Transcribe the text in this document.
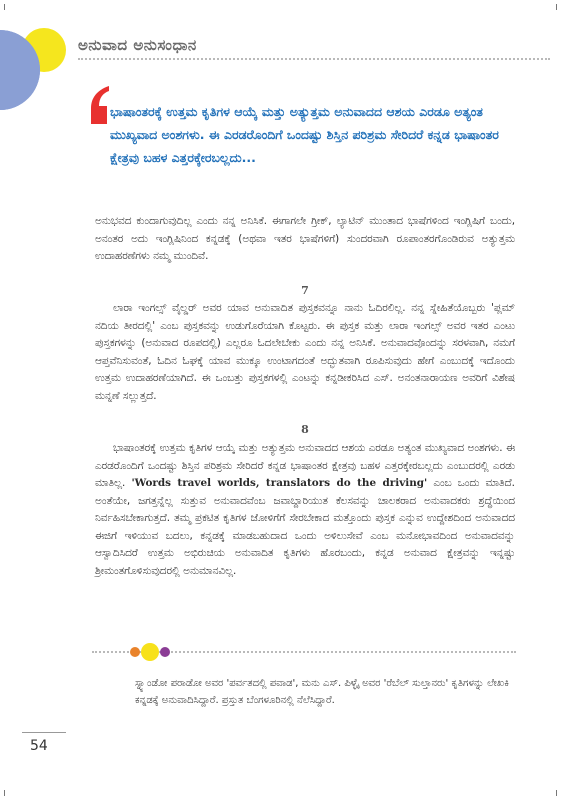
ಅನುವಾದ ಅನುಸಂಧಾನ
ಭಾಷಾಂತರಕ್ಕೆ ಉತ್ತಮ ಕೃತಿಗಳ ಆಯ್ಕೆ ಮತ್ತು ಅತ್ಯುತ್ತಮ ಅನುವಾದದ ಆಶಯ ಎರಡೂ ಅತ್ಯಂತ ಮುಖ್ಯವಾದ ಅಂಶಗಳು. ಈ ಎರಡರೊಂದಿಗೆ ಒಂದಷ್ಟು ಶಿಸ್ತಿನ ಪರಿಶ್ರಮ ಸೇರಿದರೆ ಕನ್ನಡ ಭಾಷಾಂತರ ಕ್ಷೇತ್ರವು ಬಹಳ ಎತ್ತರಕ್ಕೇರಬಲ್ಲದು...
ಅನುಭವದ ಕುಂದಾಗುವುದಿಲ್ಲ ಎಂದು ನನ್ನ ಅನಿಸಿಕೆ. ಈಗಾಗಲೇ ಗ್ರೀಕ್, ಲ್ಯಾಟಿನ್ ಮುಂತಾದ ಭಾಷೆಗಳಿಂದ ಇಂಗ್ಲಿಷಿಗೆ ಬಂದು, ಅನಂತರ ಅದು ಇಂಗ್ಲಿಷಿನಿಂದ ಕನ್ನಡಕ್ಕೆ (ಅಥವಾ ಇತರ ಭಾಷೆಗಳಿಗೆ) ಸುಂದರವಾಗಿ ರೂಪಾಂತರಗೊಂಡಿರುವ ಅತ್ಯುತ್ತಮ ಉದಾಹರಣೆಗಳು ನಮ್ಮ ಮುಂದಿವೆ.
7
ಲಾರಾ ಇಂಗಲ್ಸ್ ವೈಲ್ಡರ್ ಅವರ ಯಾವ ಅನುವಾದಿತ ಪುಸ್ತಕವನ್ನೂ ನಾನು ಓದಿರಲಿಲ್ಲ. ನನ್ನ ಸ್ನೇಹಿತೆಯೊಬ್ಬರು 'ಪ್ಲಮ್ ನದಿಯ ತೀರದಲ್ಲಿ' ಎಂಬ ಪುಸ್ತಕವನ್ನು ಉಡುಗೊರೆಯಾಗಿ ಕೊಟ್ಟರು. ಈ ಪುಸ್ತಕ ಮತ್ತು ಲಾರಾ ಇಂಗಲ್ಸ್ ಅವರ ಇತರ ಎಂಟು ಪುಸ್ತಕಗಳನ್ನು (ಅನುವಾದ ರೂಪದಲ್ಲಿ) ಎಲ್ಲರೂ ಓದಲೇಬೇಕು ಎಂದು ನನ್ನ ಅನಿಸಿಕೆ. ಅನುವಾದವೊಂದನ್ನು ಸರಳವಾಗಿ, ನಮಗೆ ಆಪ್ತವೆನಿಸುವಂತೆ, ಓದಿನ ಓಘಕ್ಕೆ ಯಾವ ಮುಕ್ಕೂ ಉಂಟಾಗದಂತೆ ಅದ್ಭುತವಾಗಿ ರೂಪಿಸುವುದು ಹೇಗೆ ಎಂಬುದಕ್ಕೆ ಇದೊಂದು ಉತ್ತಮ ಉದಾಹರಣೆಯಾಗಿದೆ. ಈ ಒಂಬತ್ತು ಪುಸ್ತಕಗಳಲ್ಲಿ ಎಂಟನ್ನು ಕನ್ನಡೀಕರಿಸಿದ ಎಸ್. ಅನಂತನಾರಾಯಣ ಅವರಿಗೆ ವಿಶೇಷ ಮನ್ನಣೆ ಸಲ್ಲುತ್ತದೆ.
8
ಭಾಷಾಂತರಕ್ಕೆ ಉತ್ತಮ ಕೃತಿಗಳ ಆಯ್ಕೆ ಮತ್ತು ಅತ್ಯುತ್ತಮ ಅನುವಾದದ ಆಶಯ ಎರಡೂ ಅತ್ಯಂತ ಮುಖ್ಯವಾದ ಅಂಶಗಳು. ಈ ಎರಡರೊಂದಿಗೆ ಒಂದಷ್ಟು ಶಿಸ್ತಿನ ಪರಿಶ್ರಮ ಸೇರಿದರೆ ಕನ್ನಡ ಭಾಷಾಂತರ ಕ್ಷೇತ್ರವು ಬಹಳ ಎತ್ತರಕ್ಕೇರಬಲ್ಲದು ಎಂಬುದರಲ್ಲಿ ಎರಡು ಮಾತಿಲ್ಲ. 'Words travel worlds, translators do the driving' ಎಂಬ ಒಂದು ಮಾತಿದೆ. ಅಂತೆಯೇ, ಜಗತ್ತನ್ನೆಲ್ಲ ಸುತ್ತುವ ಅನುವಾದವೆಂಬ ಜವಾಬ್ದಾರಿಯುತ ಕೆಲಸವನ್ನು ಚಾಲಕರಾದ ಅನುವಾದಕರು ಶ್ರದ್ಧೆಯಿಂದ ನಿರ್ವಹಿಸಬೇಕಾಗುತ್ತದೆ. ತಮ್ಮ ಪ್ರಕಟಿತ ಕೃತಿಗಳ ಜೋಳಿಗೆಗೆ ಸೇರಬೇಕಾದ ಮತ್ತೊಂದು ಪುಸ್ತಕ ಎನ್ನುವ ಉದ್ದೇಶದಿಂದ ಅನುವಾದದ ಈಜಿಗೆ ಇಳಿಯುವ ಬದಲು, ಕನ್ನಡಕ್ಕೆ ಮಾಡಬಹುದಾದ ಒಂದು ಅಳಿಲುಸೇವೆ ಎಂಬ ಮನೋಭಾವದಿಂದ ಅನುವಾದವನ್ನು ಆಸ್ವಾದಿಸಿದರೆ ಉತ್ತಮ ಅಭಿರುಚಿಯ ಅನುವಾದಿತ ಕೃತಿಗಳು ಹೊರಬಂದು, ಕನ್ನಡ ಅನುವಾದ ಕ್ಷೇತ್ರವನ್ನು ಇನ್ನಷ್ಟು ಶ್ರೀಮಂತಗೊಳಿಸುವುದರಲ್ಲಿ ಅನುಮಾನವಿಲ್ಲ.
ಸ್ನ್ಯಾಂಡೋ ಪರಾಡೋ ಅವರ 'ಪರ್ವತದಲ್ಲಿ ಪವಾಡ', ಮನು ಎಸ್. ಪಿಳ್ಳೈ ಅವರ 'ರೆಬೆಲ್ ಸುಲ್ತಾನರು' ಕೃತಿಗಳನ್ನು ಲೇಖಕಿ ಕನ್ನಡಕ್ಕೆ ಅನುವಾದಿಸಿದ್ದಾರೆ. ಪ್ರಸ್ತುತ ಬೆಂಗಳೂರಿನಲ್ಲಿ ನೆಲೆಸಿದ್ದಾರೆ.
54
